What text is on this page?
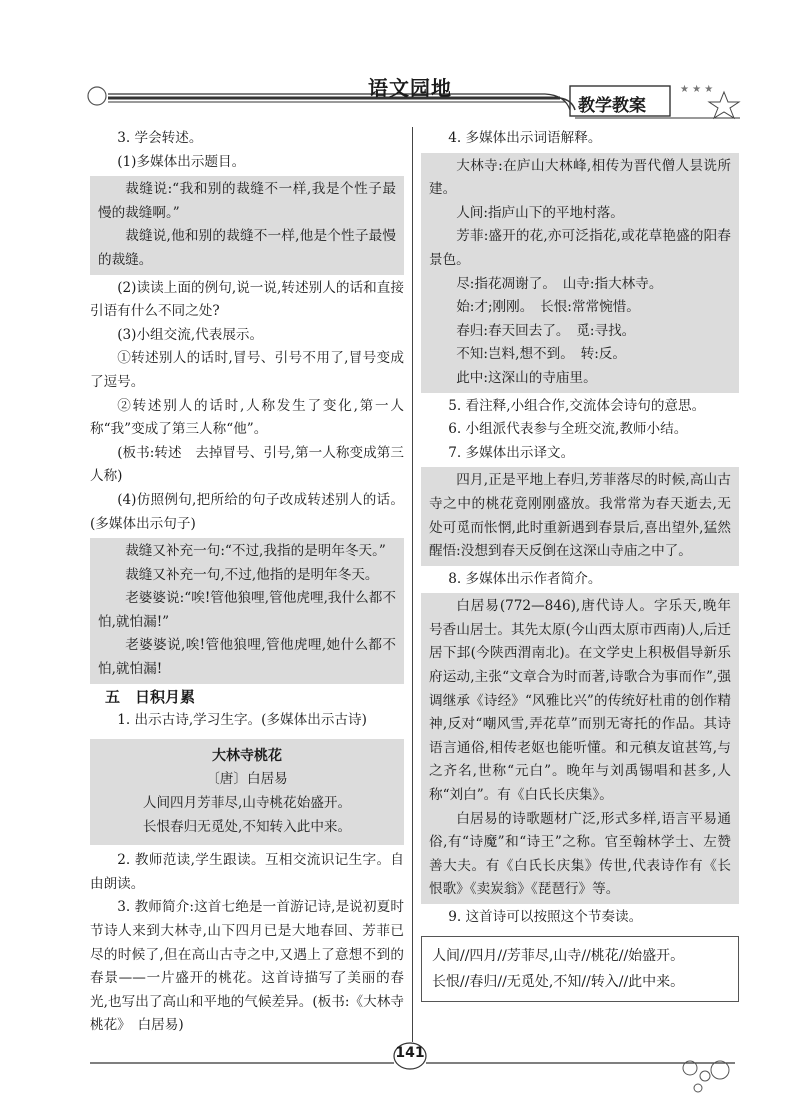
★ ★ ★
语文园地
教学教案

3. 学会转述。

(1)多媒体出示题目。

裁缝说:“我和别的裁缝不一样,我是个性子最慢的裁缝啊。”

裁缝说,他和别的裁缝不一样,他是个性子最慢的裁缝。

(2)读读上面的例句,说一说,转述别人的话和直接引语有什么不同之处?

(3)小组交流,代表展示。

①转述别人的话时,冒号、引号不用了,冒号变成了逗号。

②转述别人的话时,人称发生了变化,第一人称“我”变成了第三人称“他”。

(板书:转述　去掉冒号、引号,第一人称变成第三人称)

(4)仿照例句,把所给的句子改成转述别人的话。(多媒体出示句子)

裁缝又补充一句:“不过,我指的是明年冬天。”

裁缝又补充一句,不过,他指的是明年冬天。

老婆婆说:“唉!管他狼哩,管他虎哩,我什么都不怕,就怕漏!”

老婆婆说,唉!管他狼哩,管他虎哩,她什么都不怕,就怕漏!

五　日积月累

1. 出示古诗,学习生字。(多媒体出示古诗)

大林寺桃花
〔唐〕白居易
人间四月芳菲尽,山寺桃花始盛开。
长恨春归无觅处,不知转入此中来。

2. 教师范读,学生跟读。互相交流识记生字。自由朗读。

3. 教师简介:这首七绝是一首游记诗,是说初夏时节诗人来到大林寺,山下四月已是大地春回、芳菲已尽的时候了,但在高山古寺之中,又遇上了意想不到的春景——一片盛开的桃花。这首诗描写了美丽的春光,也写出了高山和平地的气候差异。(板书:《大林寺桃花》　白居易)

4. 多媒体出示词语解释。

大林寺:在庐山大林峰,相传为晋代僧人昙诜所建。

人间:指庐山下的平地村落。

芳菲:盛开的花,亦可泛指花,或花草艳盛的阳春景色。

尽:指花凋谢了。　山寺:指大林寺。

始:才;刚刚。　长恨:常常惋惜。

春归:春天回去了。　觅:寻找。

不知:岂料,想不到。　转:反。

此中:这深山的寺庙里。

5. 看注释,小组合作,交流体会诗句的意思。

6. 小组派代表参与全班交流,教师小结。

7. 多媒体出示译文。

四月,正是平地上春归,芳菲落尽的时候,高山古寺之中的桃花竟刚刚盛放。我常常为春天逝去,无处可觅而怅惘,此时重新遇到春景后,喜出望外,猛然醒悟:没想到春天反倒在这深山寺庙之中了。

8. 多媒体出示作者简介。

白居易(772—846),唐代诗人。字乐天,晚年号香山居士。其先太原(今山西太原市西南)人,后迁居下邽(今陕西渭南北)。在文学史上积极倡导新乐府运动,主张“文章合为时而著,诗歌合为事而作”,强调继承《诗经》“风雅比兴”的传统好杜甫的创作精神,反对“嘲风雪,弄花草”而别无寄托的作品。其诗语言通俗,相传老妪也能听懂。和元稹友谊甚笃,与之齐名,世称“元白”。晚年与刘禹锡唱和甚多,人称“刘白”。有《白氏长庆集》。

白居易的诗歌题材广泛,形式多样,语言平易通俗,有“诗魔”和“诗王”之称。官至翰林学士、左赞善大夫。有《白氏长庆集》传世,代表诗作有《长恨歌》《卖炭翁》《琵琶行》等。

9. 这首诗可以按照这个节奏读。

人间//四月//芳菲尽,山寺//桃花//始盛开。
长恨//春归//无觅处,不知//转入//此中来。
141
